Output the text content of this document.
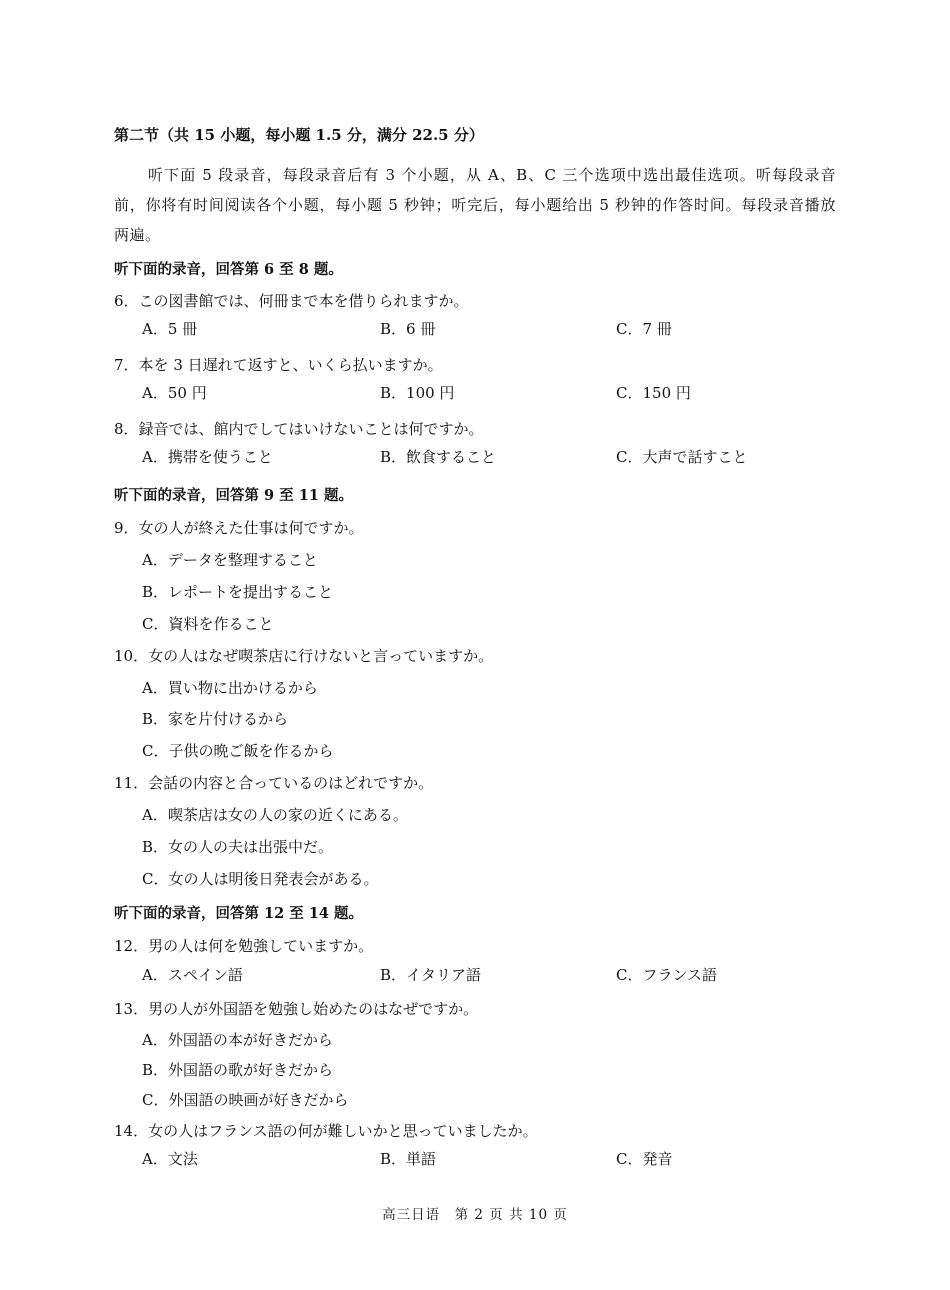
第二节（共 15 小题，每小题 1.5 分，满分 22.5 分）
听下面 5 段录音，每段录音后有 3 个小题，从 A、B、C 三个选项中选出最佳选项。听每段录音前，你将有时间阅读各个小题，每小题 5 秒钟；听完后，每小题给出 5 秒钟的作答时间。每段录音播放两遍。
听下面的录音，回答第 6 至 8 题。
6．この図書館では、何冊まで本を借りられますか。
A．5 冊	B．6 冊	C．7 冊
7．本を 3 日遅れて返すと、いくら払いますか。
A．50 円	B．100 円	C．150 円
8．録音では、館内でしてはいけないことは何ですか。
A．携帯を使うこと	B．飲食すること	C．大声で話すこと
听下面的录音，回答第 9 至 11 题。
9．女の人が終えた仕事は何ですか。
A．データを整理すること
B．レポートを提出すること
C．資料を作ること
10．女の人はなぜ喫茶店に行けないと言っていますか。
A．買い物に出かけるから
B．家を片付けるから
C．子供の晩ご飯を作るから
11．会話の内容と合っているのはどれですか。
A．喫茶店は女の人の家の近くにある。
B．女の人の夫は出張中だ。
C．女の人は明後日発表会がある。
听下面的录音，回答第 12 至 14 题。
12．男の人は何を勉強していますか。
A．スペイン語	B．イタリア語	C．フランス語
13．男の人が外国語を勉強し始めたのはなぜですか。
A．外国語の本が好きだから
B．外国語の歌が好きだから
C．外国語の映画が好きだから
14．女の人はフランス語の何が難しいかと思っていましたか。
A．文法	B．単語	C．発音
高三日语　第 2 页 共 10 页
